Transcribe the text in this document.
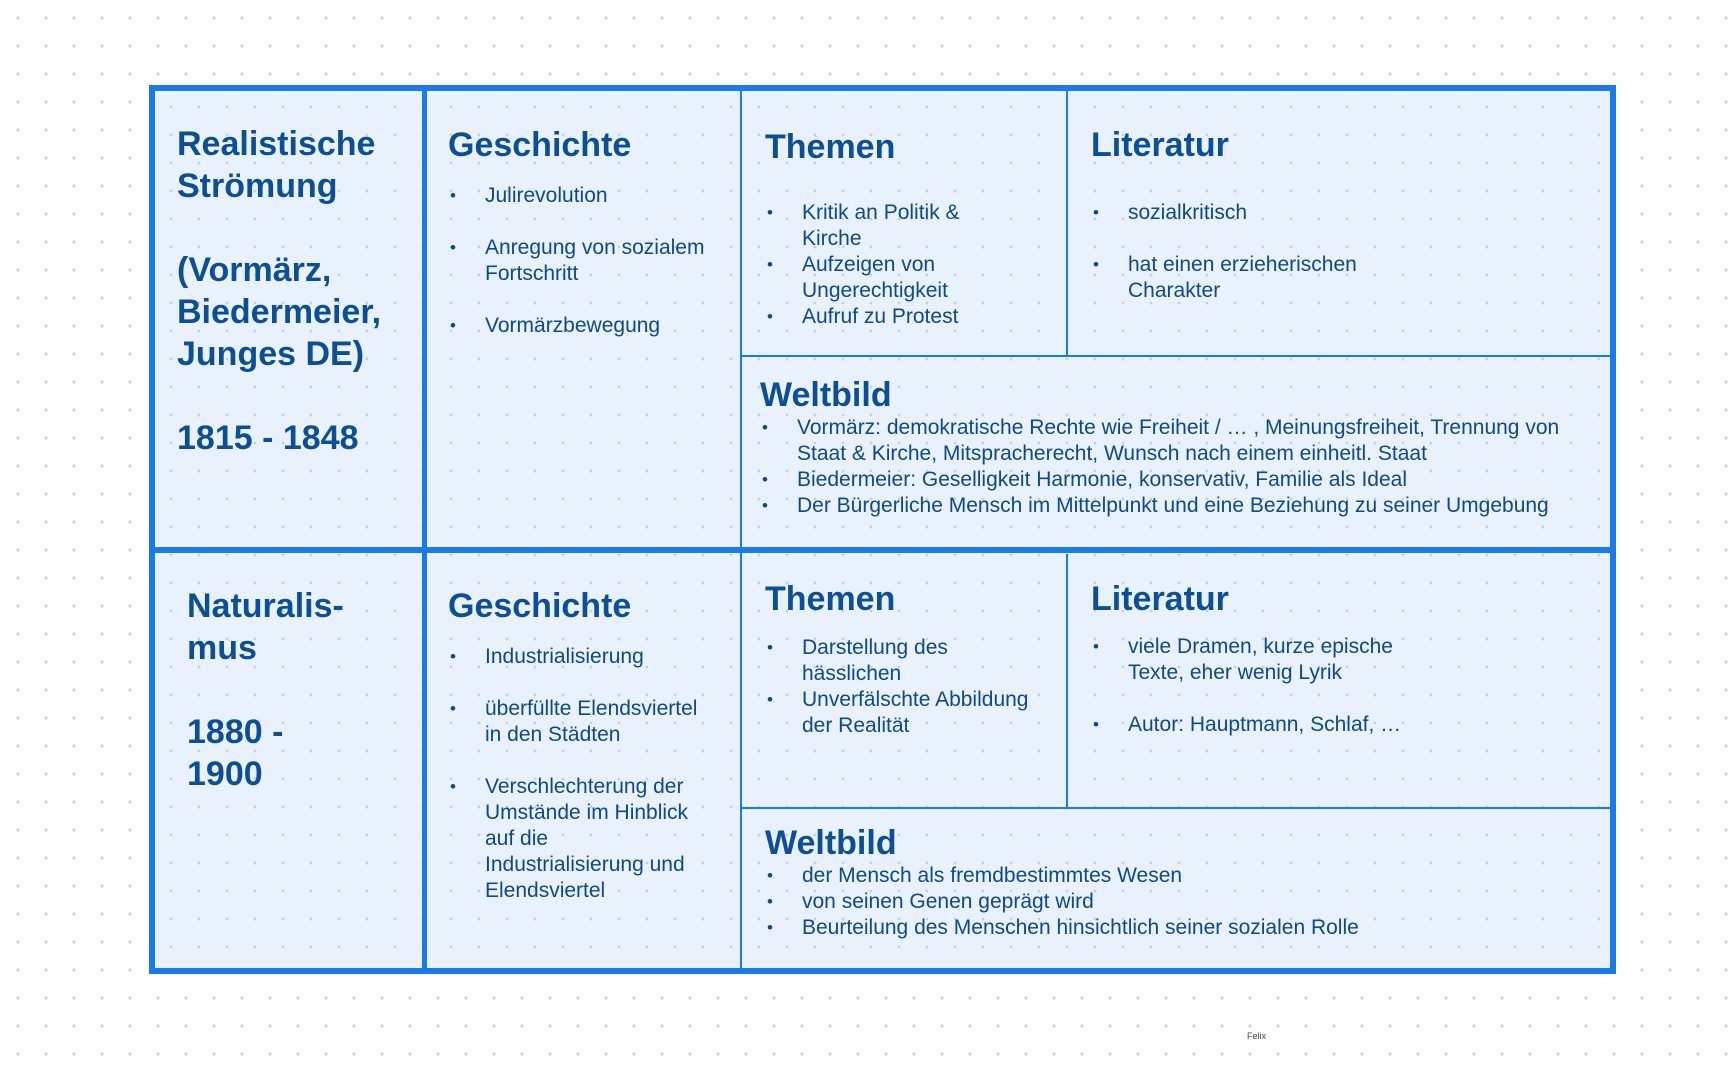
Realistische Strömung
(Vormärz, Biedermeier, Junges DE)
1815 - 1848
Geschichte
• Julirevolution
• Anregung von sozialem Fortschritt
• Vormärzbewegung
Themen
• Kritik an Politik & Kirche
• Aufzeigen von Ungerechtigkeit
• Aufruf zu Protest
Literatur
• sozialkritisch
• hat einen erzieherischen Charakter
Weltbild
• Vormärz: demokratische Rechte wie Freiheit / … , Meinungsfreiheit, Trennung von Staat & Kirche, Mitspracherecht, Wunsch nach einem einheitl. Staat
• Biedermeier: Geselligkeit Harmonie, konservativ, Familie als Ideal
• Der Bürgerliche Mensch im Mittelpunkt und eine Beziehung zu seiner Umgebung
Naturalis-mus
1880 - 1900
Geschichte
• Industrialisierung
• überfüllte Elendsviertel in den Städten
• Verschlechterung der Umstände im Hinblick auf die Industrialisierung und Elendsviertel
Themen
• Darstellung des hässlichen
• Unverfälschte Abbildung der Realität
Literatur
• viele Dramen, kurze epische Texte, eher wenig Lyrik
• Autor: Hauptmann, Schlaf, …
Weltbild
• der Mensch als fremdbestimmtes Wesen
• von seinen Genen geprägt wird
• Beurteilung des Menschen hinsichtlich seiner sozialen Rolle
Felix
